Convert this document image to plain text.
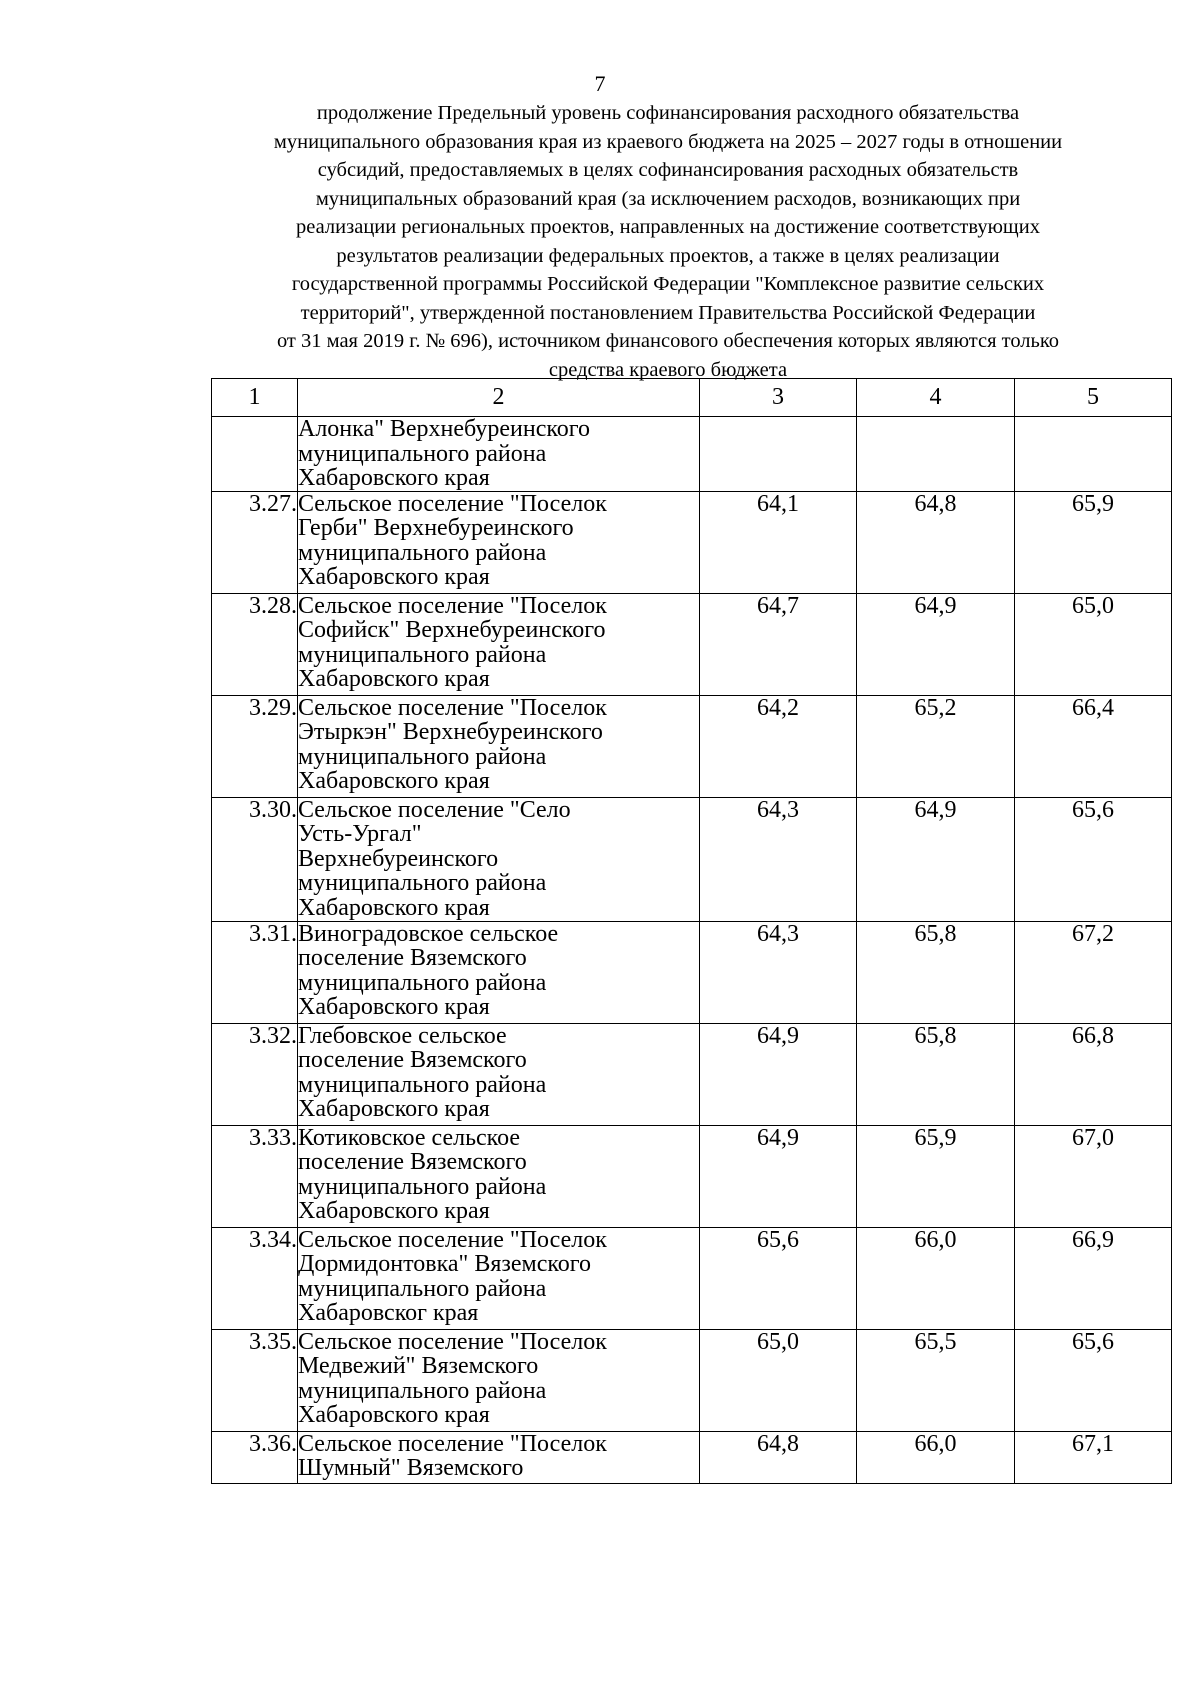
7
продолжение Предельный уровень софинансирования расходного обязательства
муниципального образования края из краевого бюджета на 2025 – 2027 годы в отношении
субсидий, предоставляемых в целях софинансирования расходных обязательств
муниципальных образований края (за исключением расходов, возникающих при
реализации региональных проектов, направленных на достижение соответствующих
результатов реализации федеральных проектов, а также в целях реализации
государственной программы Российской Федерации "Комплексное развитие сельских
территорий", утвержденной постановлением Правительства Российской Федерации
от 31 мая 2019 г. № 696), источником финансового обеспечения которых являются только
средства краевого бюджета
1	2	3	4	5

	Алонка" Верхнебуреинского
муниципального района
Хабаровского края			

3.27.	Сельское поселение "Поселок
Герби" Верхнебуреинского
муниципального района
Хабаровского края	64,1	64,8	65,9
3.28.	Сельское поселение "Поселок
Софийск" Верхнебуреинского
муниципального района
Хабаровского края	64,7	64,9	65,0
3.29.	Сельское поселение "Поселок
Этыркэн" Верхнебуреинского
муниципального района
Хабаровского края	64,2	65,2	66,4
3.30.	Сельское поселение "Село
Усть-Ургал"
Верхнебуреинского
муниципального района
Хабаровского края	64,3	64,9	65,6
3.31.	Виноградовское сельское
поселение Вяземского
муниципального района
Хабаровского края	64,3	65,8	67,2
3.32.	Глебовское сельское
поселение Вяземского
муниципального района
Хабаровского края	64,9	65,8	66,8
3.33.	Котиковское сельское
поселение Вяземского
муниципального района
Хабаровского края	64,9	65,9	67,0
3.34.	Сельское поселение "Поселок
Дормидонтовка" Вяземского
муниципального района
Хабаровског края	65,6	66,0	66,9
3.35.	Сельское поселение "Поселок
Медвежий" Вяземского
муниципального района
Хабаровского края	65,0	65,5	65,6
3.36.	Сельское поселение "Поселок
Шумный" Вяземского	64,8	66,0	67,1
